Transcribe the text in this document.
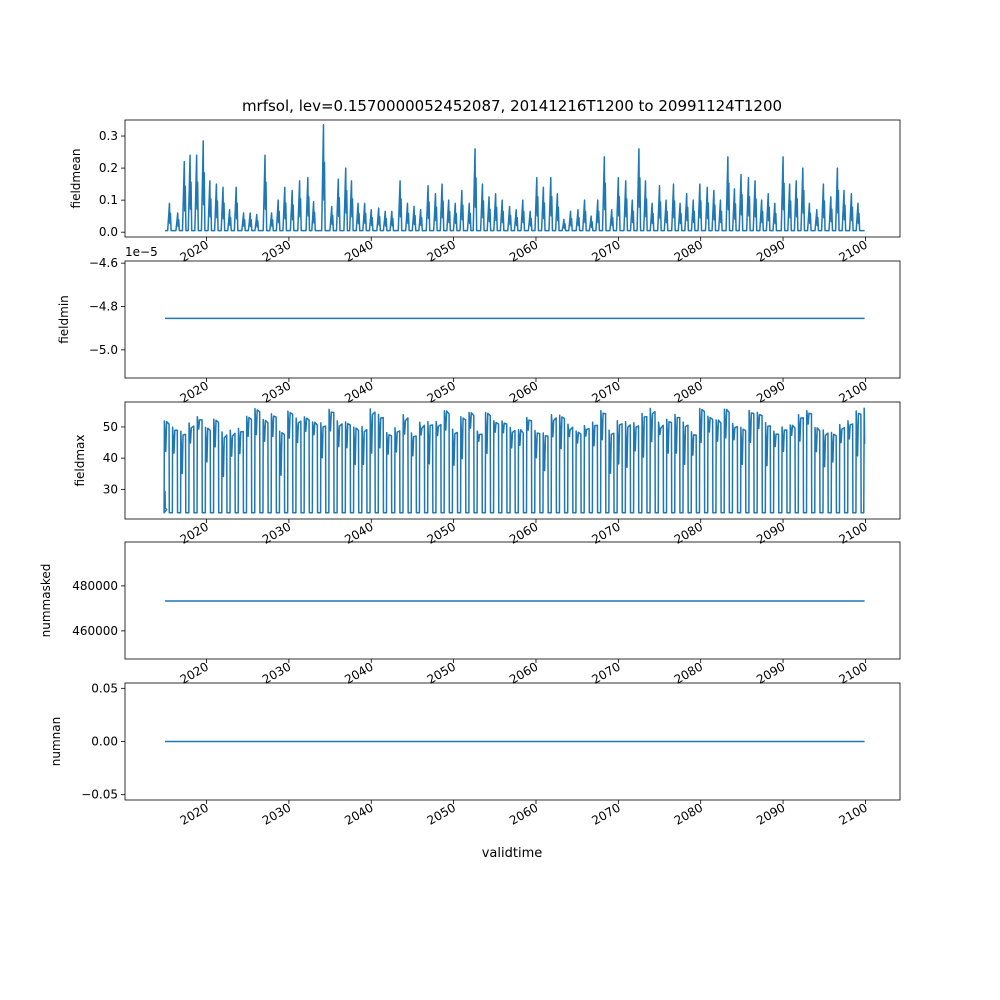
mrfsol, lev=0.1570000052452087, 20141216T1200 to 20991124T1200
validtime
0.0
0.1
0.2
0.3
2020	2030	2040	2050	2060	2070	2080	2090	2100
fieldmean
−4.6
−4.8
−5.0
2020	2030	2040	2050	2060	2070	2080	2090	2100
fieldmin
1e−5
30
40
50
2020	2030	2040	2050	2060	2070	2080	2090	2100
fieldmax
460000
480000
2020	2030	2040	2050	2060	2070	2080	2090	2100
nummasked
0.05
0.00
−0.05
2020	2030	2040	2050	2060	2070	2080	2090	2100
numnan
